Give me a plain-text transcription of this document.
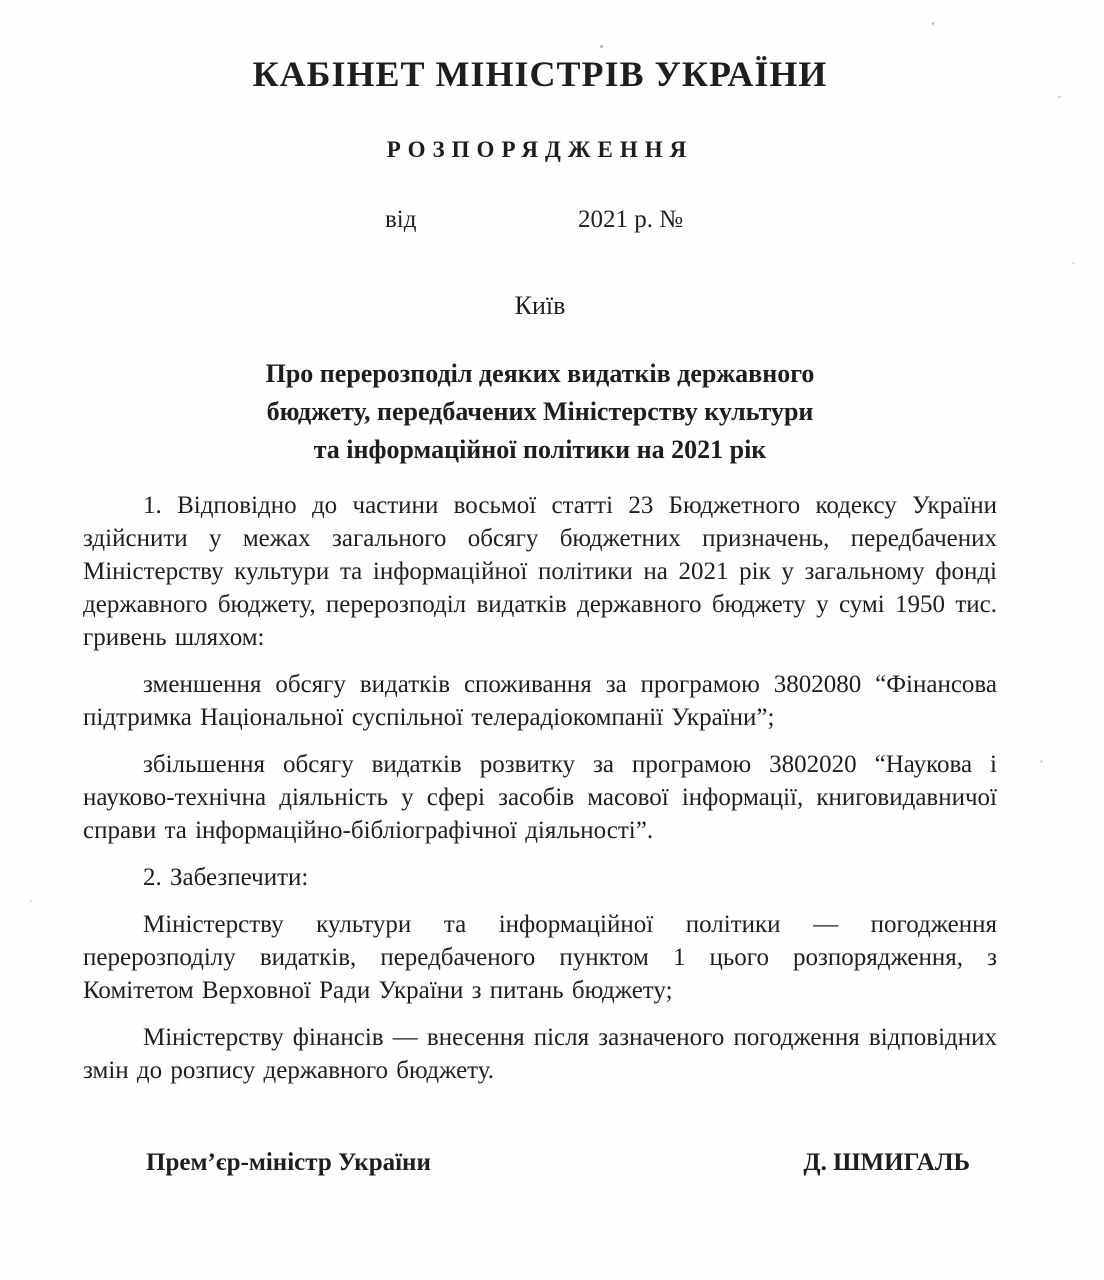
КАБІНЕТ МІНІСТРІВ УКРАЇНИ
РОЗПОРЯДЖЕННЯ
від	2021 р. №
Київ
Про перерозподіл деяких видатків державного
бюджету, передбачених Міністерству культури
та інформаційної політики на 2021 рік

1. Відповідно до частини восьмої статті 23 Бюджетного кодексу України здійснити у межах загального обсягу бюджетних призначень, передбачених Міністерству культури та інформаційної політики на 2021 рік у загальному фонді державного бюджету, перерозподіл видатків державного бюджету у сумі 1950 тис. гривень шляхом:

зменшення обсягу видатків споживання за програмою 3802080 “Фінансова підтримка Національної суспільної телерадіокомпанії України”;

збільшення обсягу видатків розвитку за програмою 3802020 “Наукова і науково-технічна діяльність у сфері засобів масової інформації, книговидавничої справи та інформаційно-бібліографічної діяльності”.

2. Забезпечити:

Міністерству культури та інформаційної політики — погодження перерозподілу видатків, передбаченого пунктом 1 цього розпорядження, з Комітетом Верховної Ради України з питань бюджету;

Міністерству фінансів — внесення після зазначеного погодження відповідних змін до розпису державного бюджету.

Прем’єр-міністр України	Д. ШМИГАЛЬ
